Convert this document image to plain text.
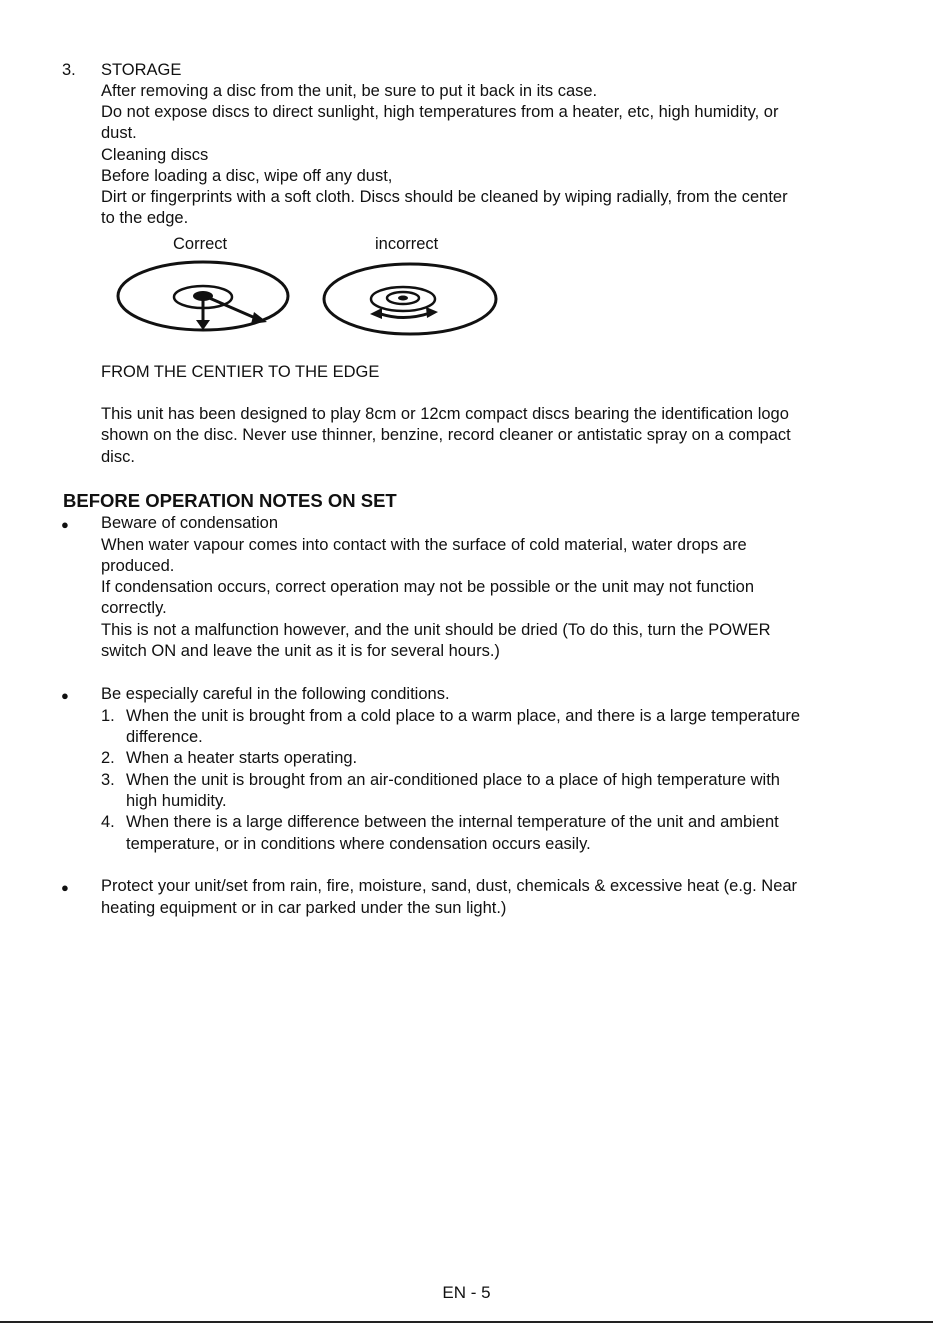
3. STORAGE
After removing a disc from the unit, be sure to put it back in its case.
Do not expose discs to direct sunlight, high temperatures from a heater, etc, high humidity, or
dust.
Cleaning discs
Before loading a disc, wipe off any dust,
Dirt or fingerprints with a soft cloth. Discs should be cleaned by wiping radially, from the center
to the edge.
Correct	incorrect
FROM THE CENTIER TO THE EDGE
This unit has been designed to play 8cm or 12cm compact discs bearing the identification logo
shown on the disc. Never use thinner, benzine, record cleaner or antistatic spray on a compact
disc.
BEFORE OPERATION NOTES ON SET
● Beware of condensation
When water vapour comes into contact with the surface of cold material, water drops are
produced.
If condensation occurs, correct operation may not be possible or the unit may not function
correctly.
This is not a malfunction however, and the unit should be dried (To do this, turn the POWER
switch ON and leave the unit as it is for several hours.)
● Be especially careful in the following conditions.
1. When the unit is brought from a cold place to a warm place, and there is a large temperature
difference.
2. When a heater starts operating.
3. When the unit is brought from an air-conditioned place to a place of high temperature with
high humidity.
4. When there is a large difference between the internal temperature of the unit and ambient
temperature, or in conditions where condensation occurs easily.
● Protect your unit/set from rain, fire, moisture, sand, dust, chemicals & excessive heat (e.g. Near
heating equipment or in car parked under the sun light.)
EN - 5
